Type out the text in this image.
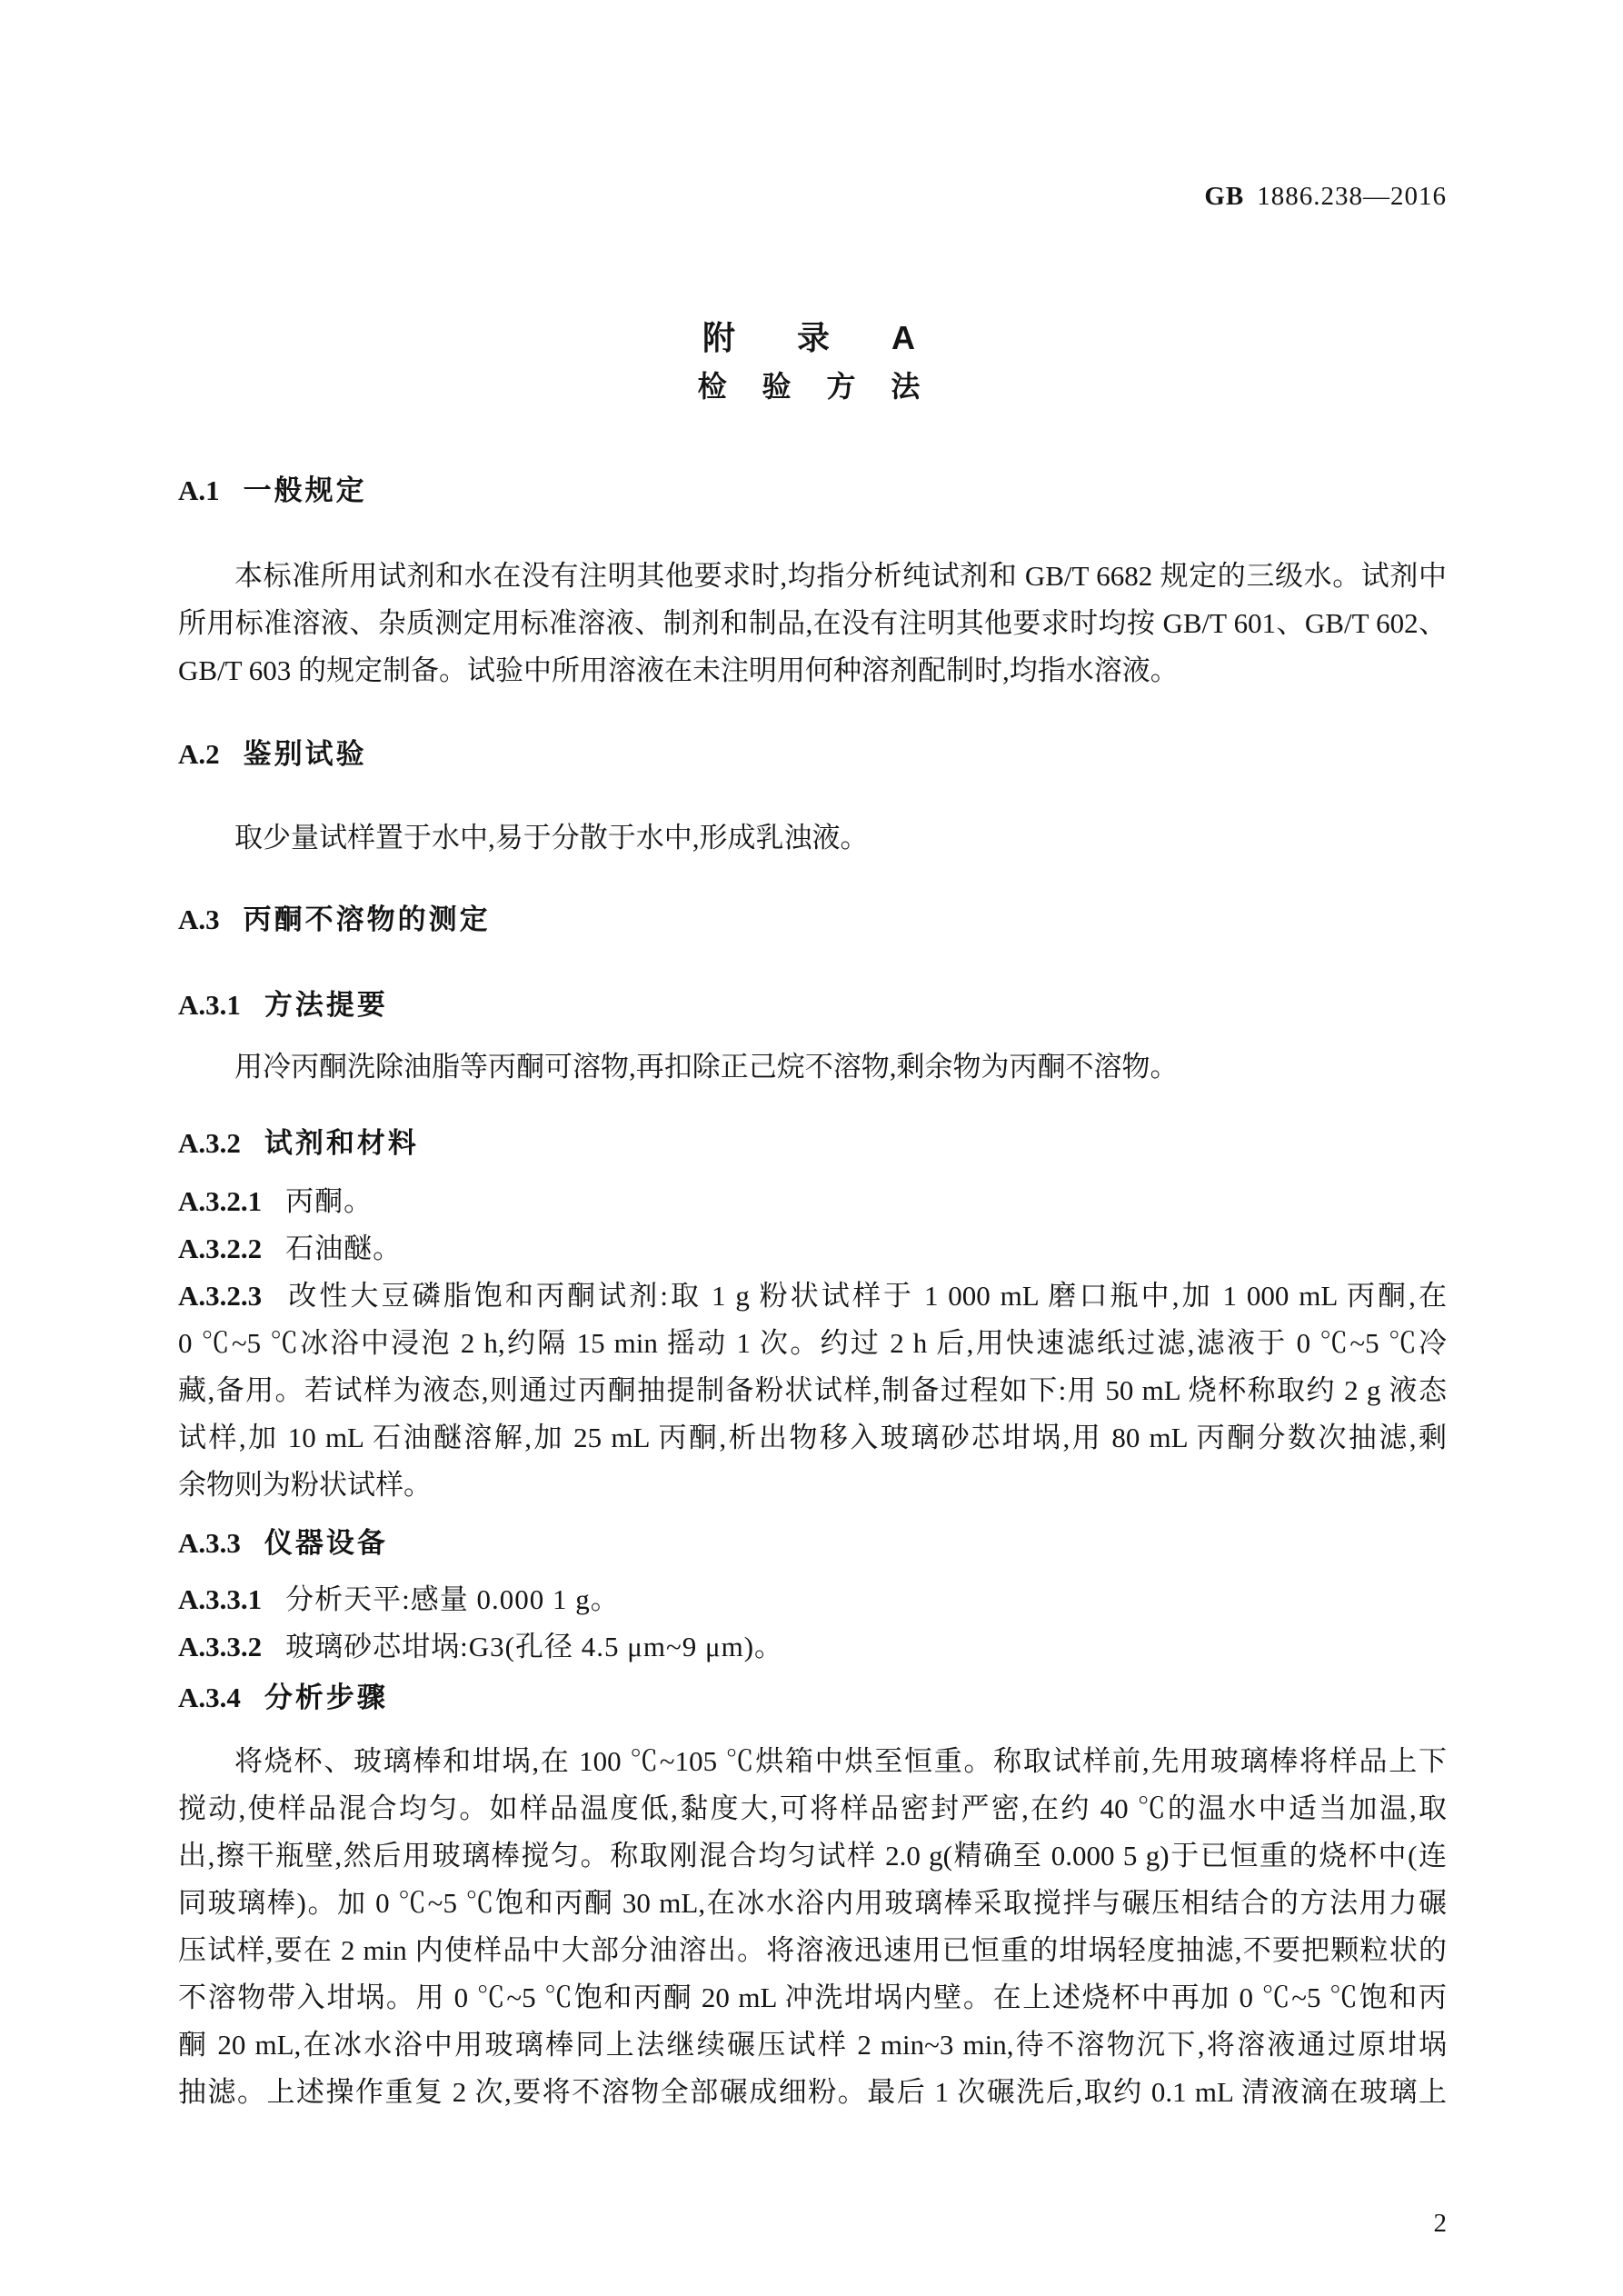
GB 1886.238—2016
附 录 A
检 验 方 法
A.1 一般规定
本标准所用试剂和水在没有注明其他要求时,均指分析纯试剂和 GB/T 6682 规定的三级水。试剂中
所用标准溶液、杂质测定用标准溶液、制剂和制品,在没有注明其他要求时均按 GB/T 601、GB/T 602、
GB/T 603 的规定制备。试验中所用溶液在未注明用何种溶剂配制时,均指水溶液。
A.2 鉴别试验
取少量试样置于水中,易于分散于水中,形成乳浊液。
A.3 丙酮不溶物的测定
A.3.1 方法提要
用冷丙酮洗除油脂等丙酮可溶物,再扣除正己烷不溶物,剩余物为丙酮不溶物。
A.3.2 试剂和材料
A.3.2.1 丙酮。
A.3.2.2 石油醚。
A.3.2.3 改性大豆磷脂饱和丙酮试剂:取 1 g 粉状试样于 1 000 mL 磨口瓶中,加 1 000 mL 丙酮,在
0 ℃~5 ℃冰浴中浸泡 2 h,约隔 15 min 摇动 1 次。约过 2 h 后,用快速滤纸过滤,滤液于 0 ℃~5 ℃冷
藏,备用。若试样为液态,则通过丙酮抽提制备粉状试样,制备过程如下:用 50 mL 烧杯称取约 2 g 液态
试样,加 10 mL 石油醚溶解,加 25 mL 丙酮,析出物移入玻璃砂芯坩埚,用 80 mL 丙酮分数次抽滤,剩
余物则为粉状试样。
A.3.3 仪器设备
A.3.3.1 分析天平:感量 0.000 1 g。
A.3.3.2 玻璃砂芯坩埚:G3(孔径 4.5 μm~9 μm)。
A.3.4 分析步骤
将烧杯、玻璃棒和坩埚,在 100 ℃~105 ℃烘箱中烘至恒重。称取试样前,先用玻璃棒将样品上下
搅动,使样品混合均匀。如样品温度低,黏度大,可将样品密封严密,在约 40 ℃的温水中适当加温,取
出,擦干瓶壁,然后用玻璃棒搅匀。称取刚混合均匀试样 2.0 g(精确至 0.000 5 g)于已恒重的烧杯中(连
同玻璃棒)。加 0 ℃~5 ℃饱和丙酮 30 mL,在冰水浴内用玻璃棒采取搅拌与碾压相结合的方法用力碾
压试样,要在 2 min 内使样品中大部分油溶出。将溶液迅速用已恒重的坩埚轻度抽滤,不要把颗粒状的
不溶物带入坩埚。用 0 ℃~5 ℃饱和丙酮 20 mL 冲洗坩埚内壁。在上述烧杯中再加 0 ℃~5 ℃饱和丙
酮 20 mL,在冰水浴中用玻璃棒同上法继续碾压试样 2 min~3 min,待不溶物沉下,将溶液通过原坩埚
抽滤。上述操作重复 2 次,要将不溶物全部碾成细粉。最后 1 次碾洗后,取约 0.1 mL 清液滴在玻璃上
2
